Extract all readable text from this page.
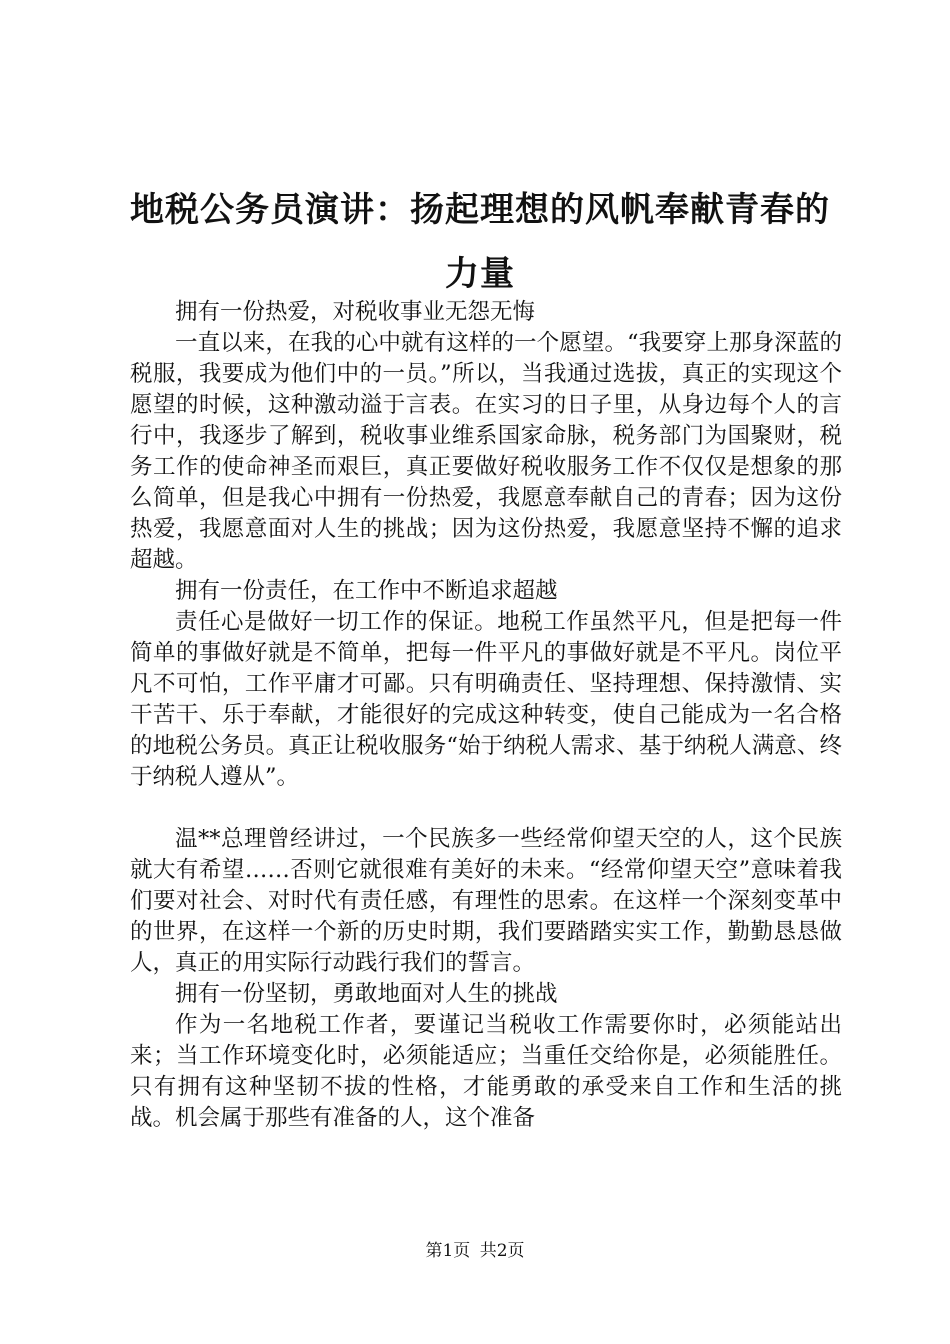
地税公务员演讲：扬起理想的风帆奉献青春的
力量

拥有一份热爱，对税收事业无怨无悔

一直以来，在我的心中就有这样的一个愿望。“我要穿上那身深蓝的税服，我要成为他们中的一员。”所以，当我通过选拔，真正的实现这个愿望的时候，这种激动溢于言表。在实习的日子里，从身边每个人的言行中，我逐步了解到，税收事业维系国家命脉，税务部门为国聚财，税务工作的使命神圣而艰巨，真正要做好税收服务工作不仅仅是想象的那么简单，但是我心中拥有一份热爱，我愿意奉献自己的青春；因为这份热爱，我愿意面对人生的挑战；因为这份热爱，我愿意坚持不懈的追求超越。

拥有一份责任，在工作中不断追求超越

责任心是做好一切工作的保证。地税工作虽然平凡，但是把每一件简单的事做好就是不简单，把每一件平凡的事做好就是不平凡。岗位平凡不可怕，工作平庸才可鄙。只有明确责任、坚持理想、保持激情、实干苦干、乐于奉献，才能很好的完成这种转变，使自己能成为一名合格的地税公务员。真正让税收服务“始于纳税人需求、基于纳税人满意、终于纳税人遵从”。

温**总理曾经讲过，一个民族多一些经常仰望天空的人，这个民族就大有希望……否则它就很难有美好的未来。“经常仰望天空”意味着我们要对社会、对时代有责任感，有理性的思索。在这样一个深刻变革中的世界，在这样一个新的历史时期，我们要踏踏实实工作，勤勤恳恳做人，真正的用实际行动践行我们的誓言。

拥有一份坚韧，勇敢地面对人生的挑战

作为一名地税工作者，要谨记当税收工作需要你时，必须能站出来；当工作环境变化时，必须能适应；当重任交给你是，必须能胜任。只有拥有这种坚韧不拔的性格，才能勇敢的承受来自工作和生活的挑战。机会属于那些有准备的人，这个准备

第1页 共2页
